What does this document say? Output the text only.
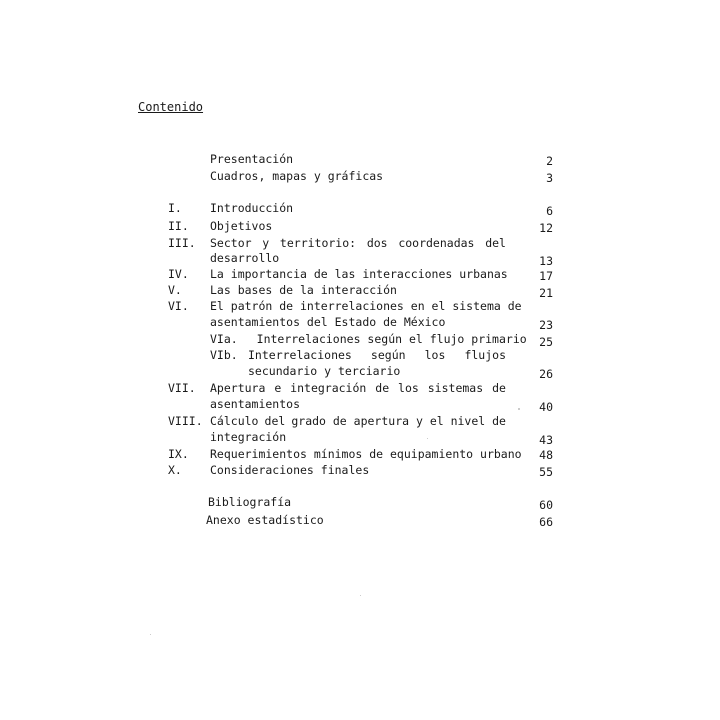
Contenido
Presentación	2
Cuadros, mapas y gráficas	3
I. Introducción	6
II. Objetivos	12
III. Sector y territorio: dos coordenadas del
desarrollo	13
IV. La importancia de las interacciones urbanas	17
V. Las bases de la interacción	21
VI. El patrón de interrelaciones en el sistema de
asentamientos del Estado de México	23
VIa. Interrelaciones según el flujo primario	25
VIb. Interrelaciones según los flujos
secundario y terciario	26
VII. Apertura e integración de los sistemas de
asentamientos	40
VIII. Cálculo del grado de apertura y el nivel de
integración	43
IX. Requerimientos mínimos de equipamiento urbano	48
X. Consideraciones finales	55
Bibliografía	60
Anexo estadístico	66
